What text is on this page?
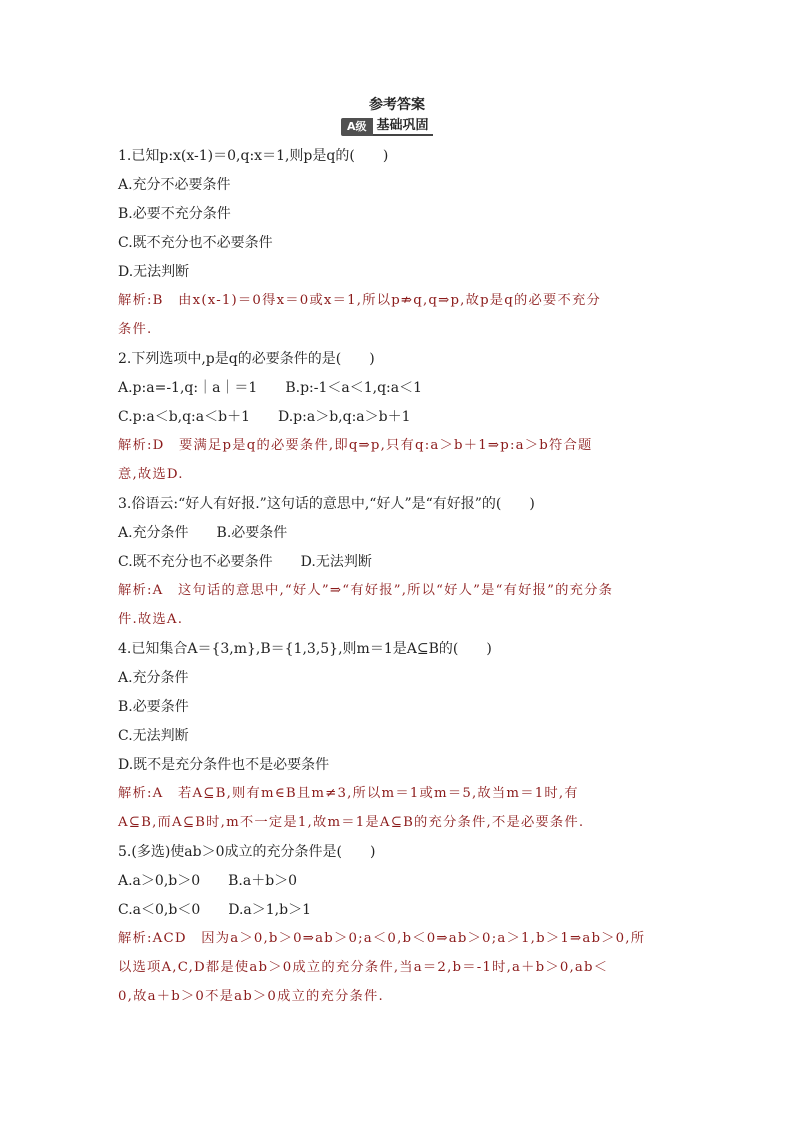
参考答案
A级 基础巩固
1.已知p:x(x-1)＝0,q:x＝1,则p是q的(　　)
A.充分不必要条件
B.必要不充分条件
C.既不充分也不必要条件
D.无法判断
解析:B　由x(x-1)＝0得x＝0或x＝1,所以p⇏q,q⇒p,故p是q的必要不充分
条件.
2.下列选项中,p是q的必要条件的是(　　)
A.p:a=-1,q:｜a｜＝1　　B.p:-1＜a＜1,q:a＜1
C.p:a＜b,q:a＜b＋1　　D.p:a＞b,q:a＞b＋1
解析:D　要满足p是q的必要条件,即q⇒p,只有q:a＞b＋1⇒p:a＞b符合题
意,故选D.
3.俗语云:“好人有好报.”这句话的意思中,“好人”是“有好报”的(　　)
A.充分条件　　B.必要条件
C.既不充分也不必要条件　　D.无法判断
解析:A　这句话的意思中,“好人”⇒“有好报”,所以“好人”是“有好报”的充分条
件.故选A.
4.已知集合A＝{3,m},B＝{1,3,5},则m＝1是A⊆B的(　　)
A.充分条件
B.必要条件
C.无法判断
D.既不是充分条件也不是必要条件
解析:A　若A⊆B,则有m∈B且m≠3,所以m＝1或m＝5,故当m＝1时,有
A⊆B,而A⊆B时,m不一定是1,故m＝1是A⊆B的充分条件,不是必要条件.
5.(多选)使ab＞0成立的充分条件是(　　)
A.a＞0,b＞0　　B.a＋b＞0
C.a＜0,b＜0　　D.a＞1,b＞1
解析:ACD　因为a＞0,b＞0⇒ab＞0;a＜0,b＜0⇒ab＞0;a＞1,b＞1⇒ab＞0,所
以选项A,C,D都是使ab＞0成立的充分条件,当a＝2,b＝-1时,a＋b＞0,ab＜
0,故a＋b＞0不是ab＞0成立的充分条件.
